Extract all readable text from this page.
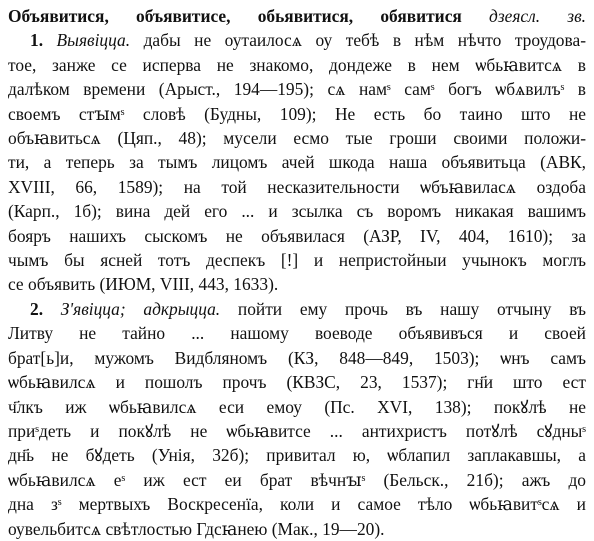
Объявитися, объявитисе, обьявитися, обявитися дзеясл. зв.
1. Выявіцца. дабы не оутаилосѧ оу тебѣ в нѣм нѣчто троудова-
тое, занже се исперва не знакомо, дондеже в нем ѡбьꙗвитсѧ в
далѣком времени (Арыст., 194—195); сѧ намˢ самˢ богъ ѡбѧвилъˢ в
своемъ стꙑмˢ словѣ (Будны, 109); Не есть бо таино што не
объꙗвитьсѧ (Цяп., 48); мусели есмо тые гроши своими положи-
ти, а теперь за тымъ лицомъ ачей шкода наша объявитьца (АВК,
XVIII, 66, 1589); на той несказительности ѡбъꙗвиласѧ оздоба
(Карп., 1б); вина дей его ... и зсылка съ воромъ никакая вашимъ
бояръ нашихъ сыскомъ не объявилася (АЗР, IV, 404, 1610); за
чымъ бы ясней тотъ деспекъ [!] и непристойныи учынокъ моглъ
се объявить (ИЮМ, VIII, 443, 1633).
2. З'явіцца; адкрыцца. пойти ему прочь въ нашу отчыну въ
Литву не тайно ... нашому воеводе объявивъся и своей
брат[ь]и, мужомъ Видбляномъ (КЗ, 848—849, 1503); ѡнъ самъ
ѡбьꙗвилсѧ и пошолъ прочъ (КВЗС, 23, 1537); гн҃и што ест
ч҃лкъ иж ѡбьꙗвилсѧ еси емоу (Пс. XVI, 138); покꙋлѣ не
приˢдеть и покꙋлѣ не ѡбьꙗвитсе ... антихристъ потꙋлѣ сꙋдныˢ
дн҃ь не бꙋдеть (Унія, 32б); привитал ю, ѡблапил заплакавшы, а
ѡбьꙗвилсѧ еˢ иж ест еи брат вѣчнꙑˢ (Бельск., 21б); ажъ до
дна зˢ мертвыхъ Воскресенїа, коли и самое тѣло ѡбьꙗвитˢсѧ и
оувельбитсѧ свѣтлостью Гдсꙗнею (Мак., 19—20).
